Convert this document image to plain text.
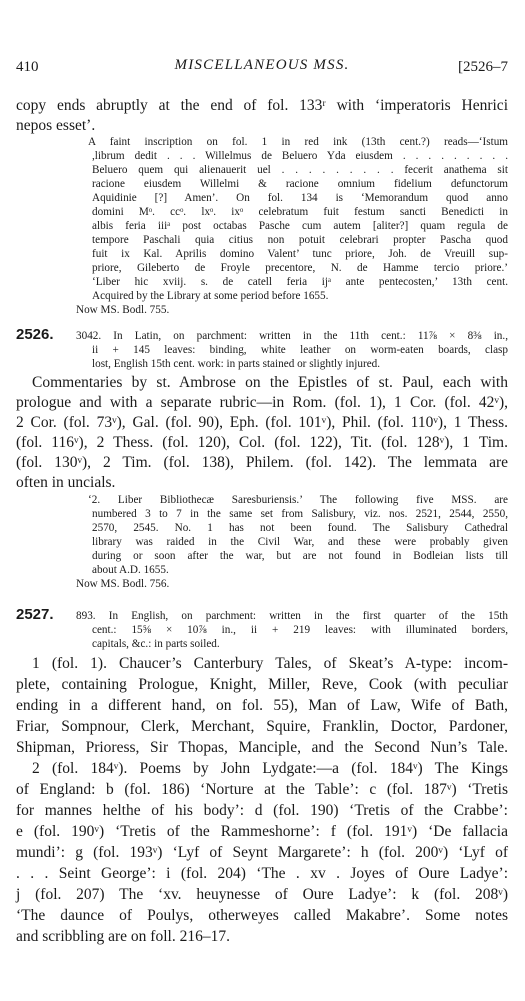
410	MISCELLANEOUS MSS.	[2526–7
copy ends abruptly at the end of fol. 133ʳ with ‘imperatoris Henrici
nepos esset’.
A faint inscription on fol. 1 in red ink (13th cent.?) reads—‘Istum
,librum dedit . . . Willelmus de Beluero Yda eiusdem . . . . . . . . .
Beluero quem qui alienauerit uel . . . . . . . . . fecerit anathema sit
racione eiusdem Willelmi & racione omnium fidelium defunctorum
Aquidinie [?] Amen’. On fol. 134 is ‘Memorandum quod anno
domini Mᵒ. ccᵒ. lxᵒ. ixᵒ celebratum fuit festum sancti Benedicti in
albis feria iiiᵃ post octabas Pasche cum autem [aliter?] quam regula de
tempore Paschali quia citius non potuit celebrari propter Pascha quod
fuit ix Kal. Aprilis domino Valent’ tunc priore, Joh. de Vreuill sup-
priore, Gileberto de Froyle precentore, N. de Hamme tercio priore.’
‘Liber hic xviij. s. de catell feria ijᵃ ante pentecosten,’ 13th cent.
Acquired by the Library at some period before 1655.
Now MS. Bodl. 755.
2526.	3042. In Latin, on parchment: written in the 11th cent.: 11⅞ × 8⅜ in.,
ii + 145 leaves: binding, white leather on worm-eaten boards, clasp
lost, English 15th cent. work: in parts stained or slightly injured.
Commentaries by st. Ambrose on the Epistles of st. Paul, each with
prologue and with a separate rubric—in Rom. (fol. 1), 1 Cor. (fol. 42ᵛ),
2 Cor. (fol. 73ᵛ), Gal. (fol. 90), Eph. (fol. 101ᵛ), Phil. (fol. 110ᵛ), 1 Thess.
(fol. 116ᵛ), 2 Thess. (fol. 120), Col. (fol. 122), Tit. (fol. 128ᵛ), 1 Tim.
(fol. 130ᵛ), 2 Tim. (fol. 138), Philem. (fol. 142). The lemmata are
often in uncials.
‘2. Liber Bibliothecæ Saresburiensis.’ The following five MSS. are
numbered 3 to 7 in the same set from Salisbury, viz. nos. 2521, 2544, 2550,
2570, 2545. No. 1 has not been found. The Salisbury Cathedral
library was raided in the Civil War, and these were probably given
during or soon after the war, but are not found in Bodleian lists till
about A.D. 1655.
Now MS. Bodl. 756.
2527.	893. In English, on parchment: written in the first quarter of the 15th
cent.: 15⅝ × 10⅞ in., ii + 219 leaves: with illuminated borders,
capitals, &c.: in parts soiled.
1 (fol. 1). Chaucer’s Canterbury Tales, of Skeat’s A-type: incom-
plete, containing Prologue, Knight, Miller, Reve, Cook (with peculiar
ending in a different hand, on fol. 55), Man of Law, Wife of Bath,
Friar, Sompnour, Clerk, Merchant, Squire, Franklin, Doctor, Pardoner,
Shipman, Prioress, Sir Thopas, Manciple, and the Second Nun’s Tale.
2 (fol. 184ᵛ). Poems by John Lydgate:—a (fol. 184ᵛ) The Kings
of England: b (fol. 186) ‘Norture at the Table’: c (fol. 187ᵛ) ‘Tretis
for mannes helthe of his body’: d (fol. 190) ‘Tretis of the Crabbe’:
e (fol. 190ᵛ) ‘Tretis of the Rammeshorne’: f (fol. 191ᵛ) ‘De fallacia
mundi’: g (fol. 193ᵛ) ‘Lyf of Seynt Margarete’: h (fol. 200ᵛ) ‘Lyf of
. . . Seint George’: i (fol. 204) ‘The . xv . Joyes of Oure Ladye’:
j (fol. 207) The ‘xv. heuynesse of Oure Ladye’: k (fol. 208ᵛ)
‘The daunce of Poulys, otherweyes called Makabre’. Some notes
and scribbling are on foll. 216–17.
